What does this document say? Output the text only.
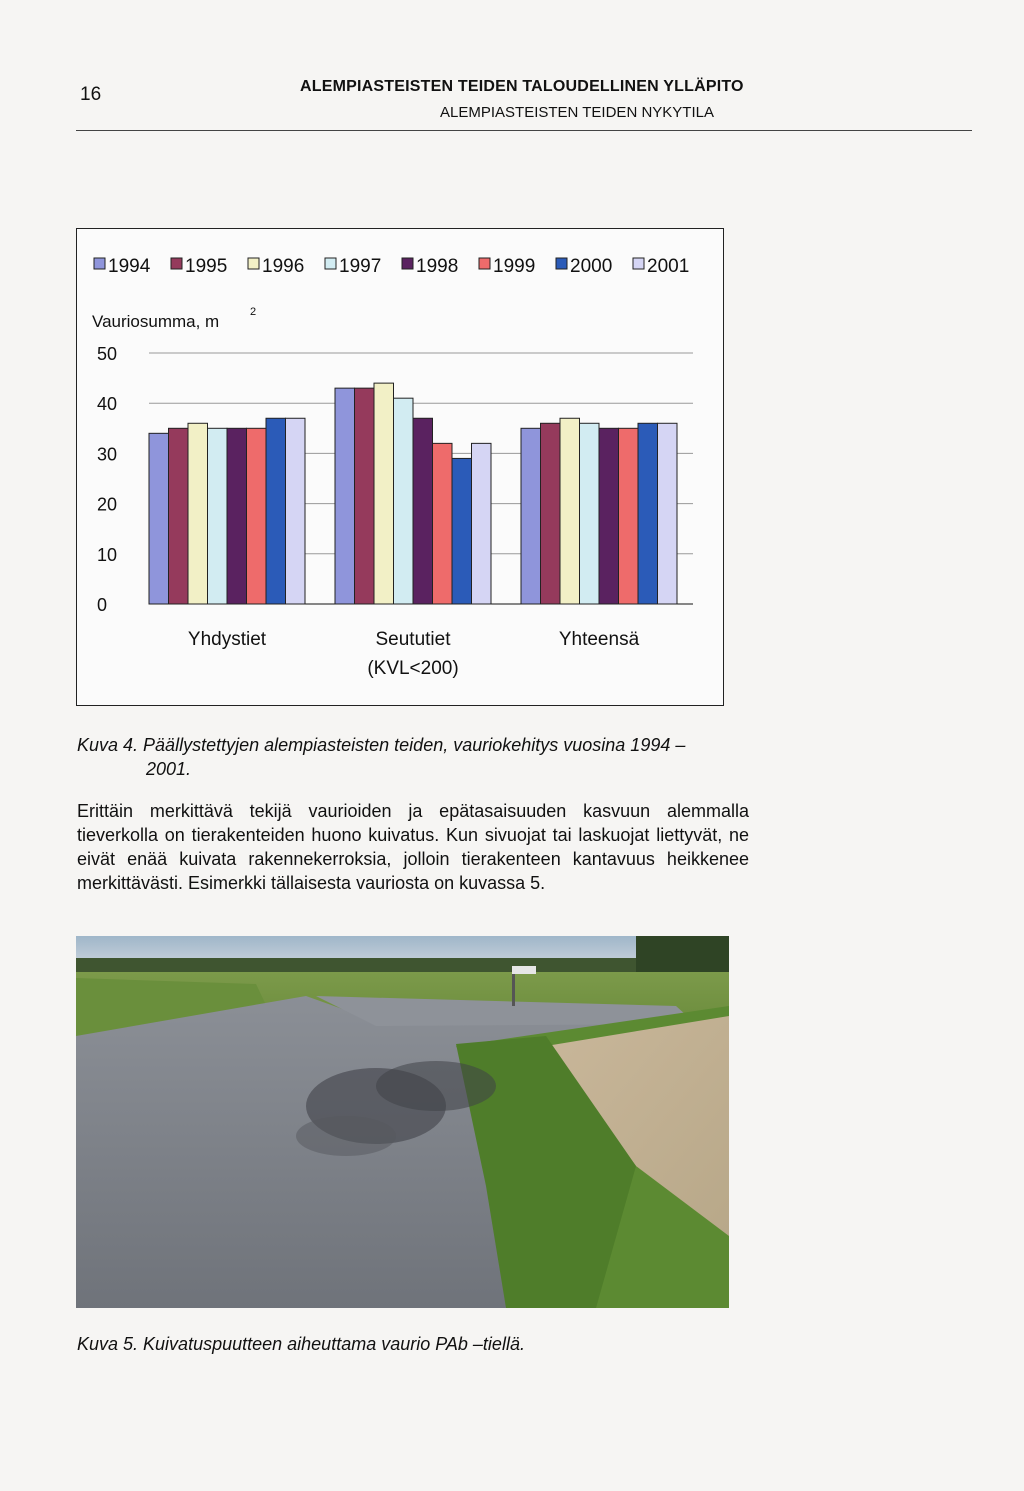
16	ALEMPIASTEISTEN TEIDEN TALOUDELLINEN YLLÄPITO
ALEMPIASTEISTEN TEIDEN NYKYTILA
1994 1995 1996 1997 1998 1999 2000 2001
Vauriosumma, m	2
0
10
20
30
40
50
Yhdystiet	Seututiet
(KVL<200)
Yhteensä
Kuva 4. Päällystettyjen alempiasteisten teiden, vauriokehitys vuosina 1994 –
2001.
Erittäin merkittävä tekijä vaurioiden ja epätasaisuuden kasvuun alemmalla tieverkolla on tierakenteiden huono kuivatus. Kun sivuojat tai laskuojat liettyvät, ne eivät enää kuivata rakennekerroksia, jolloin tierakenteen kantavuus heikkenee merkittävästi. Esimerkki tällaisesta vauriosta on kuvassa 5.
Kuva 5. Kuivatuspuutteen aiheuttama vaurio PAb –tiellä.
